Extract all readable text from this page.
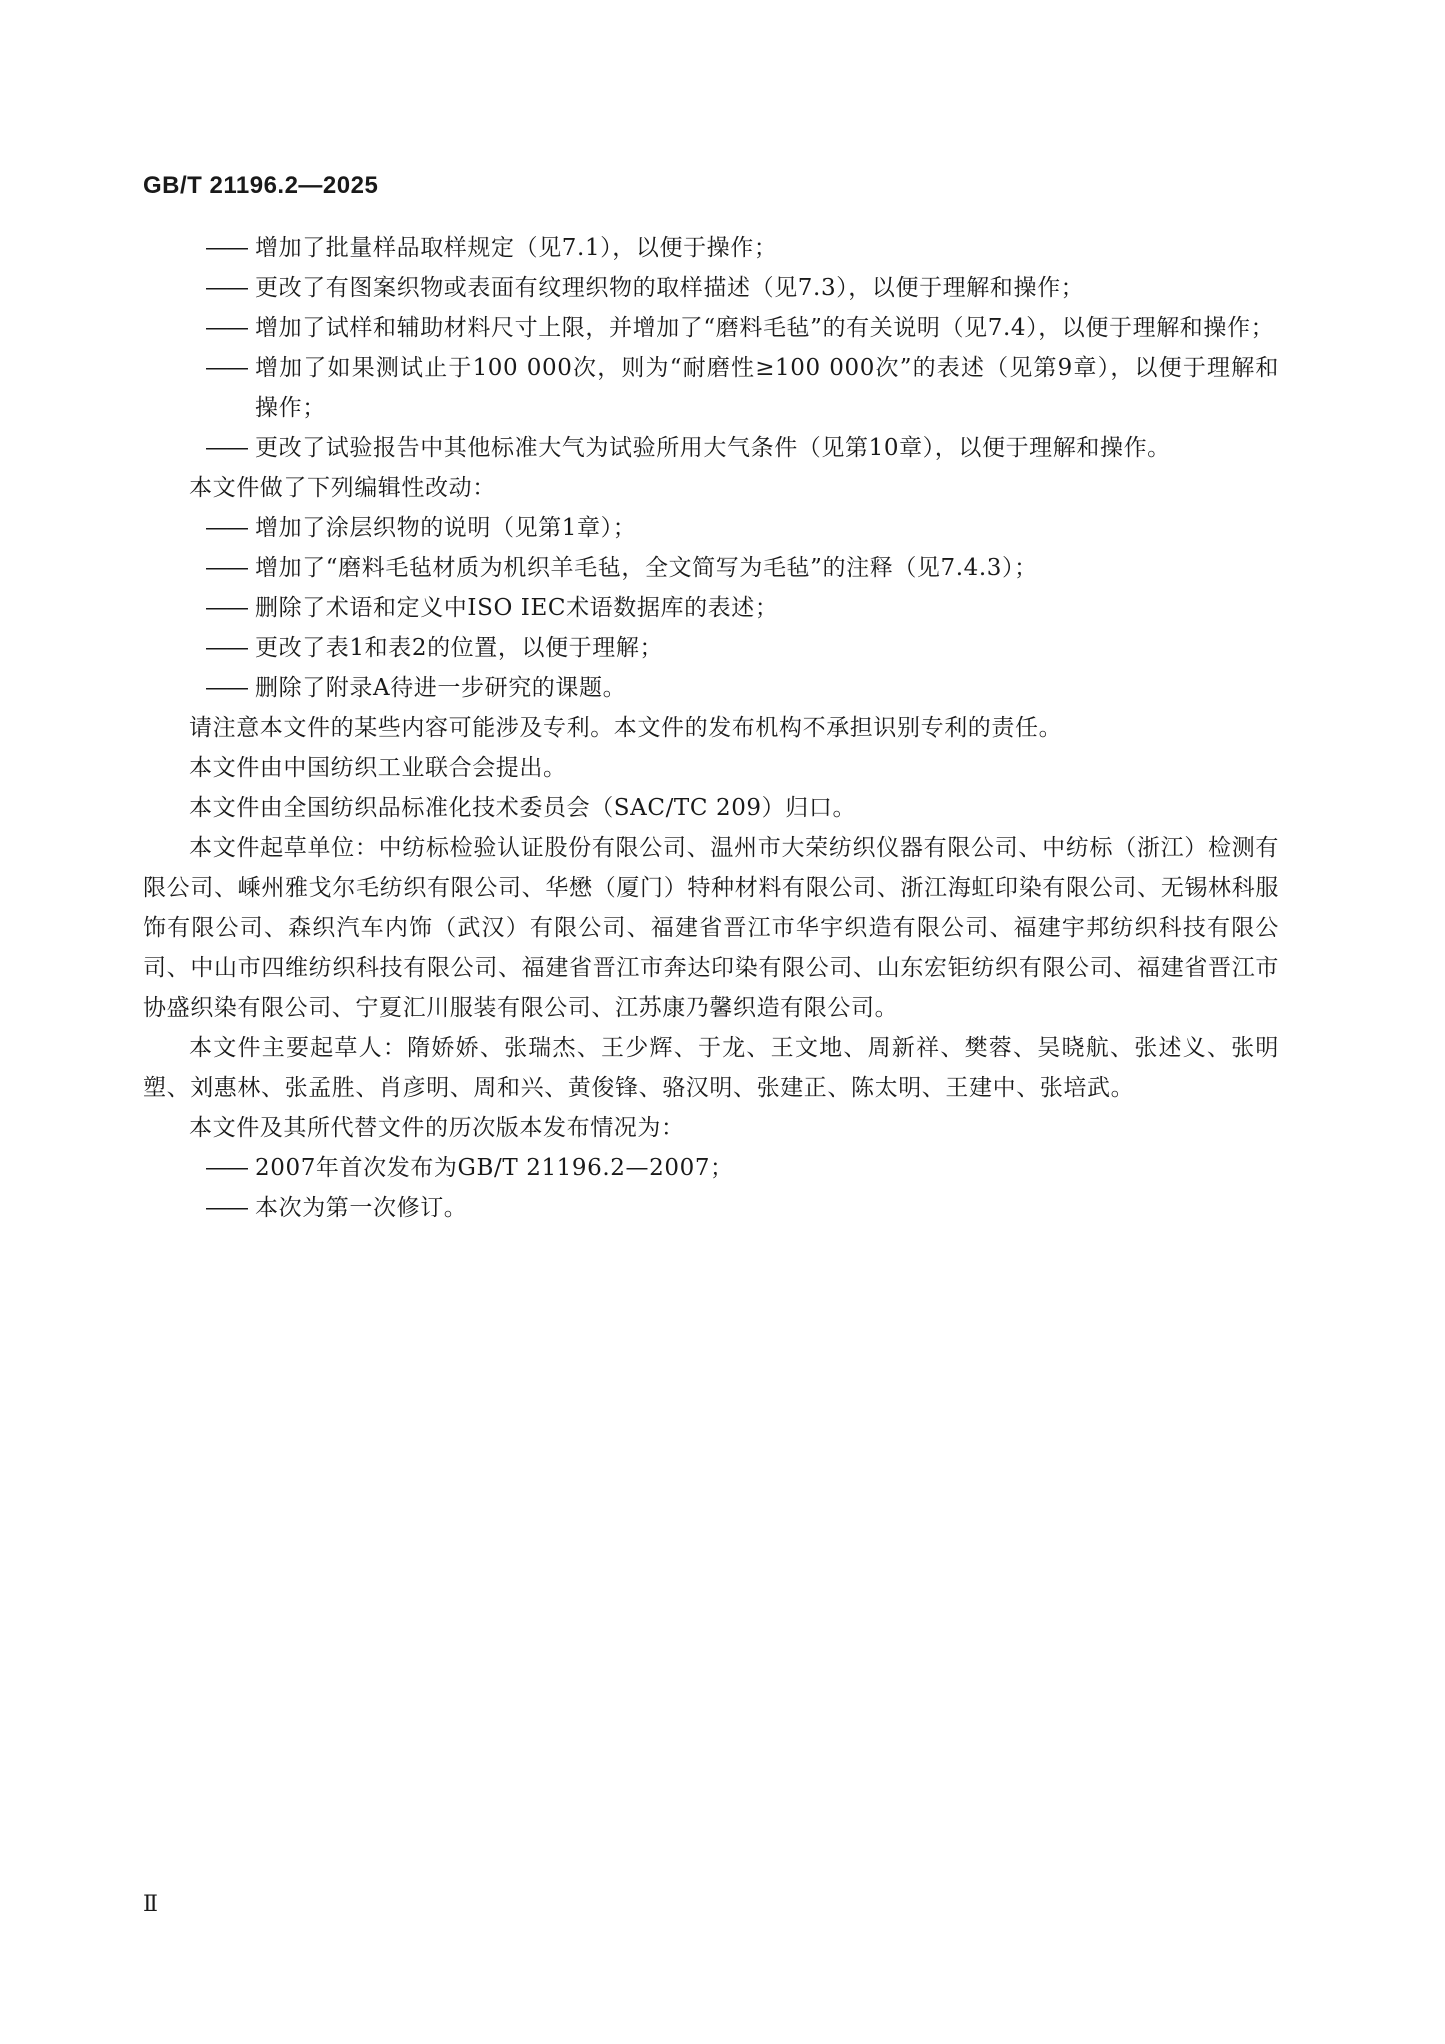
GB/T 21196.2—2025
—— 增加了批量样品取样规定（见7.1），以便于操作；
—— 更改了有图案织物或表面有纹理织物的取样描述（见7.3），以便于理解和操作；
—— 增加了试样和辅助材料尺寸上限，并增加了“磨料毛毡”的有关说明（见7.4），以便于理解和操作；
—— 增加了如果测试止于100 000次，则为“耐磨性≥100 000次”的表述（见第9章），以便于理解和操作；
—— 更改了试验报告中其他标准大气为试验所用大气条件（见第10章），以便于理解和操作。

本文件做了下列编辑性改动：

—— 增加了涂层织物的说明（见第1章）；
—— 增加了“磨料毛毡材质为机织羊毛毡，全文简写为毛毡”的注释（见7.4.3）；
—— 删除了术语和定义中ISO IEC术语数据库的表述；
—— 更改了表1和表2的位置，以便于理解；
—— 删除了附录A待进一步研究的课题。

请注意本文件的某些内容可能涉及专利。本文件的发布机构不承担识别专利的责任。

本文件由中国纺织工业联合会提出。

本文件由全国纺织品标准化技术委员会（SAC/TC 209）归口。

本文件起草单位：中纺标检验认证股份有限公司、温州市大荣纺织仪器有限公司、中纺标（浙江）检测有限公司、嵊州雅戈尔毛纺织有限公司、华懋（厦门）特种材料有限公司、浙江海虹印染有限公司、无锡林科服饰有限公司、森织汽车内饰（武汉）有限公司、福建省晋江市华宇织造有限公司、福建宇邦纺织科技有限公司、中山市四维纺织科技有限公司、福建省晋江市奔达印染有限公司、山东宏钜纺织有限公司、福建省晋江市协盛织染有限公司、宁夏汇川服装有限公司、江苏康乃馨织造有限公司。

本文件主要起草人：隋娇娇、张瑞杰、王少辉、于龙、王文地、周新祥、樊蓉、吴晓航、张述义、张明塑、刘惠林、张孟胜、肖彦明、周和兴、黄俊锋、骆汉明、张建正、陈太明、王建中、张培武。

本文件及其所代替文件的历次版本发布情况为：

—— 2007年首次发布为GB/T 21196.2—2007；
—— 本次为第一次修订。
Ⅱ
